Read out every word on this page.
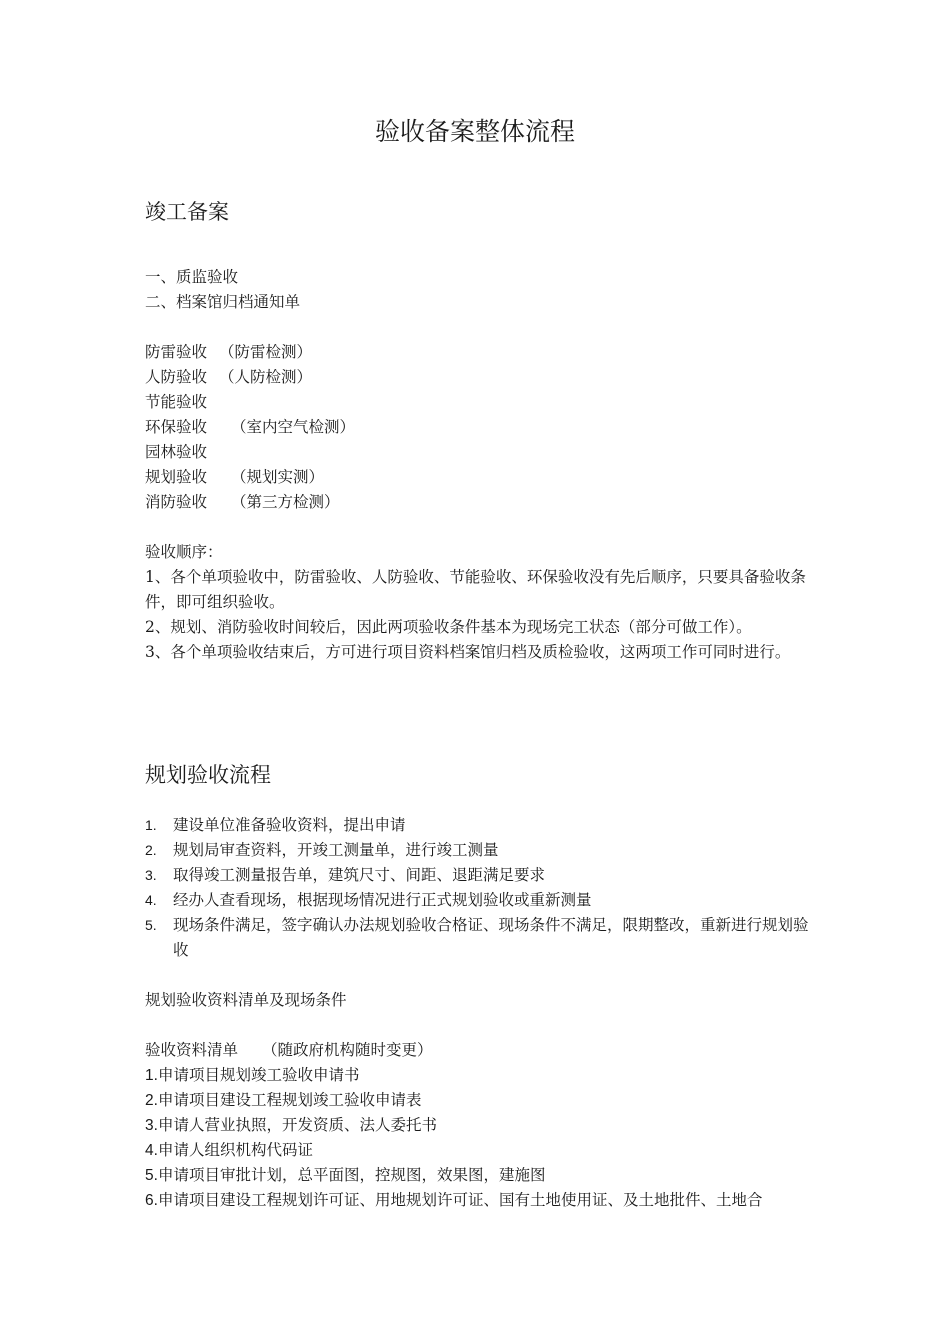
验收备案整体流程
竣工备案
一、质监验收
二、档案馆归档通知单
防雷验收 （防雷检测）
人防验收 （人防检测）
节能验收
环保验收 （室内空气检测）
园林验收
规划验收 （规划实测）
消防验收 （第三方检测）
验收顺序：
1、各个单项验收中，防雷验收、人防验收、节能验收、环保验收没有先后顺序，只要具备验收条件，即可组织验收。
2、规划、消防验收时间较后，因此两项验收条件基本为现场完工状态（部分可做工作）。
3、各个单项验收结束后，方可进行项目资料档案馆归档及质检验收，这两项工作可同时进行。
规划验收流程
1.	建设单位准备验收资料，提出申请
2.	规划局审查资料，开竣工测量单，进行竣工测量
3.	取得竣工测量报告单，建筑尺寸、间距、退距满足要求
4.	经办人查看现场，根据现场情况进行正式规划验收或重新测量
5.	现场条件满足，签字确认办法规划验收合格证、现场条件不满足，限期整改，重新进行规划验收
规划验收资料清单及现场条件
验收资料清单 （随政府机构随时变更）
1.申请项目规划竣工验收申请书
2.申请项目建设工程规划竣工验收申请表
3.申请人营业执照，开发资质、法人委托书
4.申请人组织机构代码证
5.申请项目审批计划，总平面图，控规图，效果图，建施图
6.申请项目建设工程规划许可证、用地规划许可证、国有土地使用证、及土地批件、土地合
